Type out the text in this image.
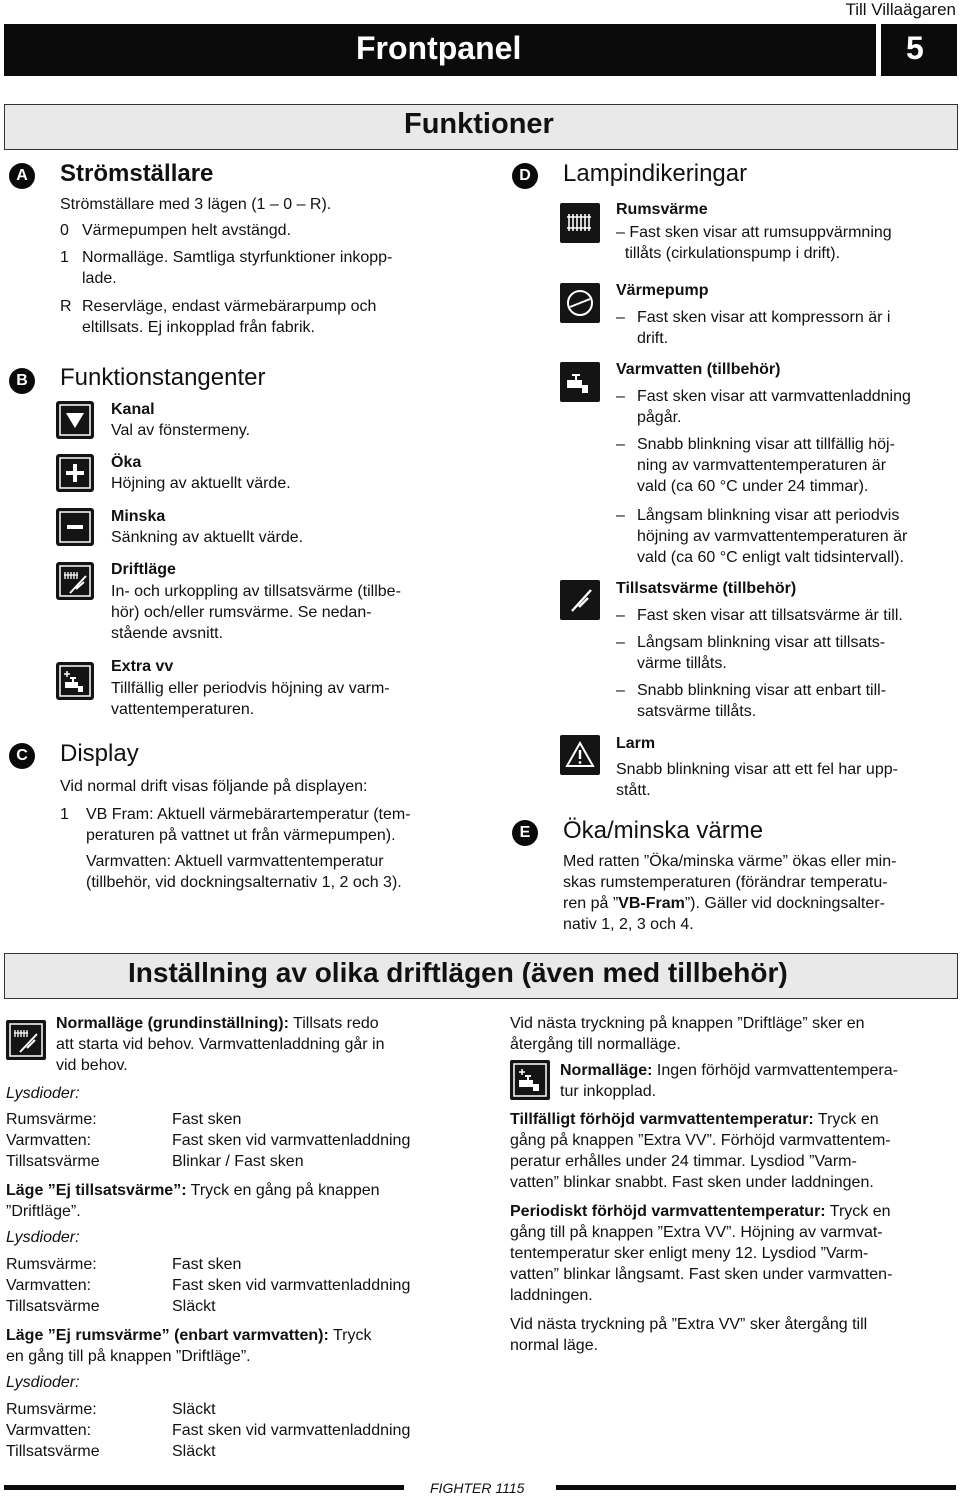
Till Villaägaren
Frontpanel	5
Funktioner
A	Strömställare
Strömställare med 3 lägen (1 – 0 – R).
0 Värmepumpen helt avstängd.
1 Normalläge. Samtliga styrfunktioner inkopp-
lade.
R Reservläge, endast värmebärarpump och
eltillsats. Ej inkopplad från fabrik.
B	Funktionstangenter
Kanal
Val av fönstermeny.
Öka
Höjning av aktuellt värde.
Minska
Sänkning av aktuellt värde.
Driftläge
In- och urkoppling av tillsatsvärme (tillbe-
hör) och/eller rumsvärme. Se nedan-
stående avsnitt.
Extra vv
Tillfällig eller periodvis höjning av varm-
vattentemperaturen.
C	Display
Vid normal drift visas följande på displayen:
1 VB Fram: Aktuell värmebärartemperatur (tem-
peraturen på vattnet ut från värmepumpen).
Varmvatten: Aktuell varmvattentemperatur
(tillbehör, vid dockningsalternativ 1, 2 och 3).
D	Lampindikeringar
Rumsvärme
– Fast sken visar att rumsuppvärmning
tillåts (cirkulationspump i drift).
Värmepump
– Fast sken visar att kompressorn är i
drift.
Varmvatten (tillbehör)
– Fast sken visar att varmvattenladdning
pågår.
– Snabb blinkning visar att tillfällig höj-
ning av varmvattentemperaturen är
vald (ca 60 °C under 24 timmar).
– Långsam blinkning visar att periodvis
höjning av varmvattentemperaturen är
vald (ca 60 °C enligt valt tidsintervall).
Tillsatsvärme (tillbehör)
– Fast sken visar att tillsatsvärme är till.
– Långsam blinkning visar att tillsats-
värme tillåts.
– Snabb blinkning visar att enbart till-
satsvärme tillåts.
Larm
Snabb blinkning visar att ett fel har upp-
stått.
E	Öka/minska värme
Med ratten ”Öka/minska värme” ökas eller min-
skas rumstemperaturen (förändrar temperatu-
ren på ”VB-Fram”). Gäller vid dockningsalter-
nativ 1, 2, 3 och 4.
Inställning av olika driftlägen (även med tillbehör)
Normalläge (grundinställning): Tillsats redo
att starta vid behov. Varmvattenladdning går in
vid behov.
Lysdioder:
Rumsvärme:	Fast sken
Varmvatten:	Fast sken vid varmvattenladdning
Tillsatsvärme	Blinkar / Fast sken
Läge ”Ej tillsatsvärme”: Tryck en gång på knappen
”Driftläge”.
Lysdioder:
Rumsvärme:	Fast sken
Varmvatten:	Fast sken vid varmvattenladdning
Tillsatsvärme	Släckt
Läge ”Ej rumsvärme” (enbart varmvatten): Tryck
en gång till på knappen ”Driftläge”.
Lysdioder:
Rumsvärme:	Släckt
Varmvatten:	Fast sken vid varmvattenladdning
Tillsatsvärme	Släckt
Vid nästa tryckning på knappen ”Driftläge” sker en
återgång till normalläge.
Normalläge: Ingen förhöjd varmvattentempera-
tur inkopplad.
Tillfälligt förhöjd varmvattentemperatur: Tryck en
gång på knappen ”Extra VV”. Förhöjd varmvattentem-
peratur erhålles under 24 timmar. Lysdiod ”Varm-
vatten” blinkar snabbt. Fast sken under laddningen.
Periodiskt förhöjd varmvattentemperatur: Tryck en
gång till på knappen ”Extra VV”. Höjning av varmvat-
tentemperatur sker enligt meny 12. Lysdiod ”Varm-
vatten” blinkar långsamt. Fast sken under varmvatten-
laddningen.
Vid nästa tryckning på ”Extra VV” sker återgång till
normal läge.
FIGHTER 1115
